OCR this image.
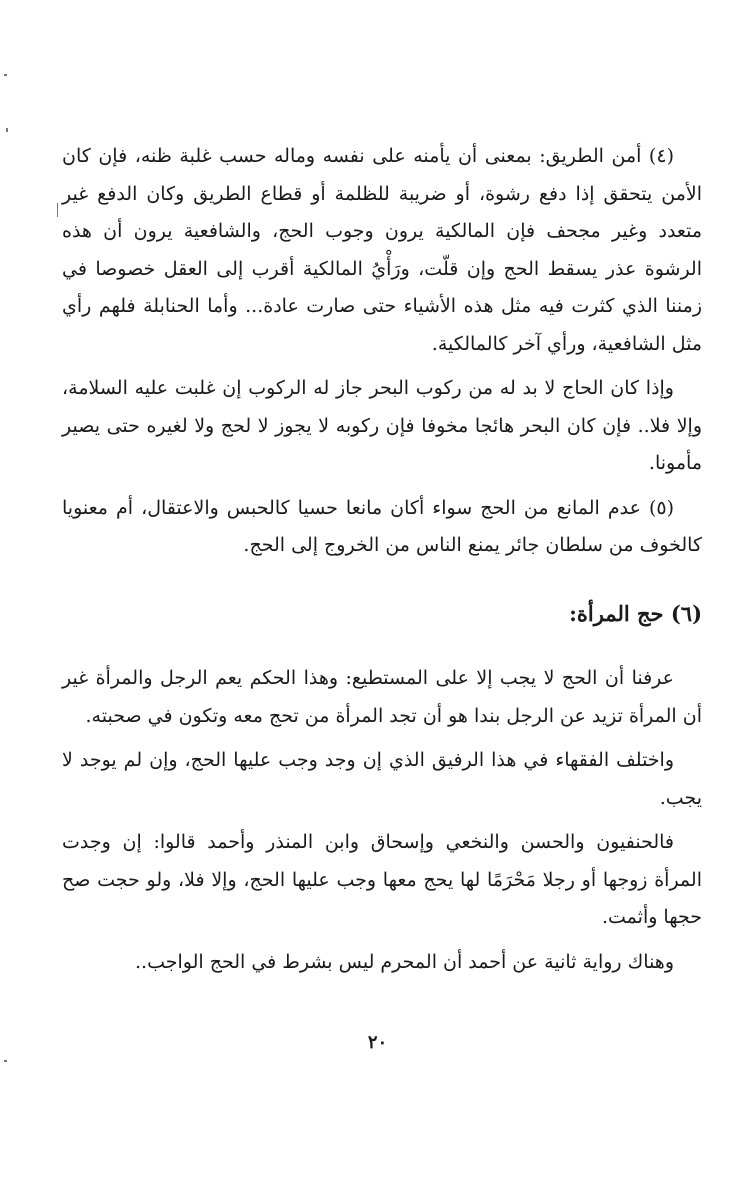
(٤) أمن الطريق: بمعنى أن يأمنه على نفسه وماله حسب غلبة ظنه، فإن كان الأمن يتحقق إذا دفع رشوة، أو ضريبة للظلمة أو قطاع الطريق وكان الدفع غير متعدد وغير مجحف فإن المالكية يرون وجوب الحج، والشافعية يرون أن هذه الرشوة عذر يسقط الحج وإن قلّت، ورَأْيُ المالكية أقرب إلى العقل خصوصا في زمننا الذي كثرت فيه مثل هذه الأشياء حتى صارت عادة... وأما الحنابلة فلهم رأي مثل الشافعية، ورأي آخر كالمالكية.

وإذا كان الحاج لا بد له من ركوب البحر جاز له الركوب إن غلبت عليه السلامة، وإلا فلا.. فإن كان البحر هائجا مخوفا فإن ركوبه لا يجوز لا لحج ولا لغيره حتى يصير مأمونا.

(٥) عدم المانع من الحج سواء أكان مانعا حسيا كالحبس والاعتقال، أم معنويا كالخوف من سلطان جائر يمنع الناس من الخروج إلى الحج.

(٦) حج المرأة:

عرفنا أن الحج لا يجب إلا على المستطيع: وهذا الحكم يعم الرجل والمرأة غير أن المرأة تزيد عن الرجل بندا هو أن تجد المرأة من تحج معه وتكون في صحبته.

واختلف الفقهاء في هذا الرفيق الذي إن وجد وجب عليها الحج، وإن لم يوجد لا يجب.

فالحنفيون والحسن والنخعي وإسحاق وابن المنذر وأحمد قالوا: إن وجدت المرأة زوجها أو رجلا مَحْرَمًا لها يحج معها وجب عليها الحج، وإلا فلا، ولو حجت صح حجها وأثمت.

وهناك رواية ثانية عن أحمد أن المحرم ليس بشرط في الحج الواجب..

٢٠
